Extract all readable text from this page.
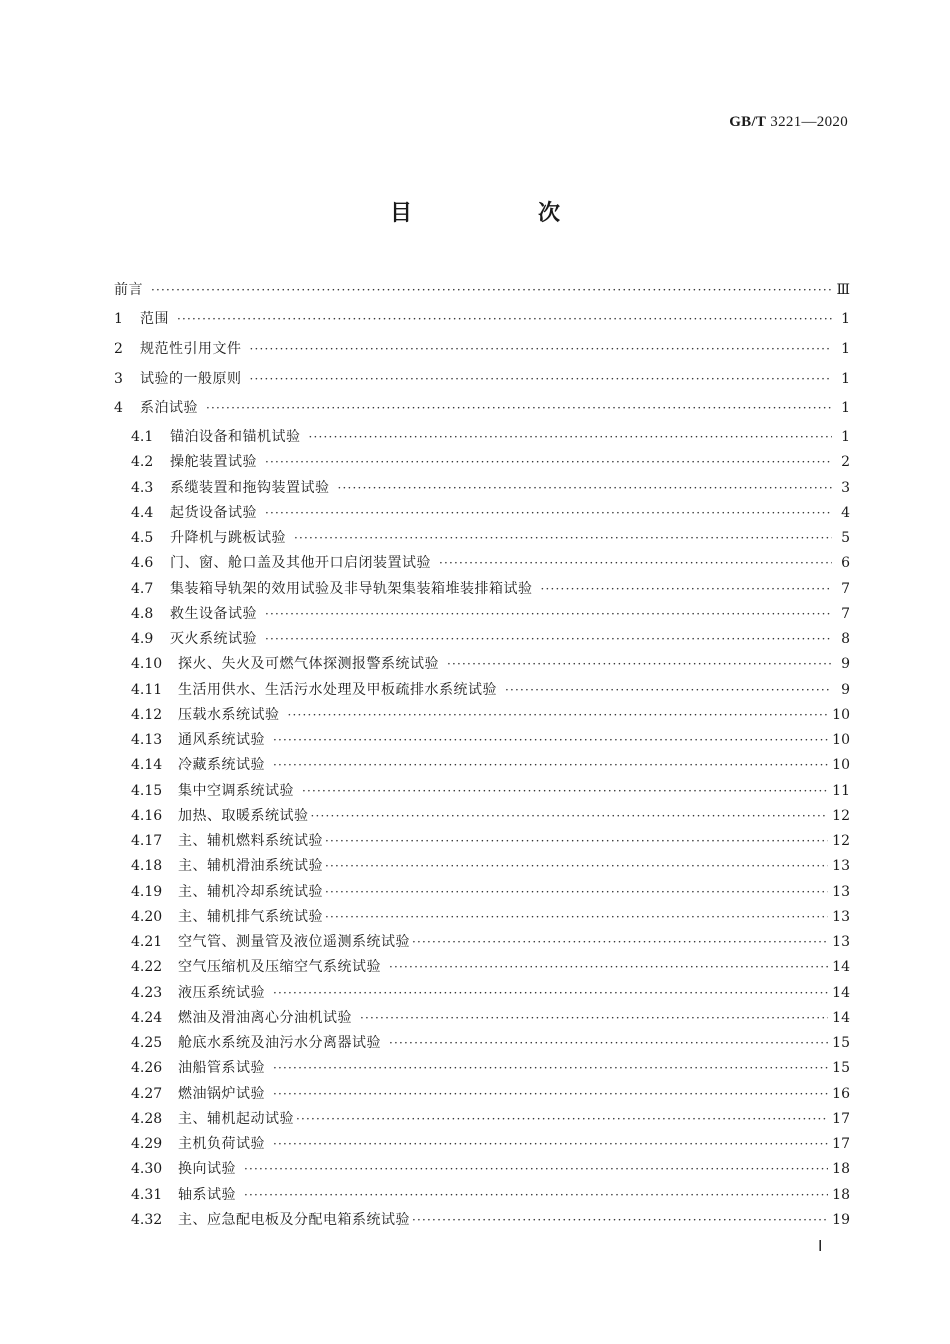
GB/T 3221—2020
目　次
前言 ·····	Ⅲ
1	范围 ·····	1
2	规范性引用文件 ·····	1
3	试验的一般原则 ·····	1
4	系泊试验 ·····	1
4.1	锚泊设备和锚机试验 ·····	1
4.2	操舵装置试验 ·····	2
4.3	系缆装置和拖钩装置试验 ·····	3
4.4	起货设备试验 ·····	4
4.5	升降机与跳板试验 ·····	5
4.6	门、窗、舱口盖及其他开口启闭装置试验 ·····	6
4.7	集装箱导轨架的效用试验及非导轨架集装箱堆装排箱试验 ·····	7
4.8	救生设备试验 ·····	7
4.9	灭火系统试验 ·····	8
4.10	探火、失火及可燃气体探测报警系统试验 ·····	9
4.11	生活用供水、生活污水处理及甲板疏排水系统试验 ·····	9
4.12	压载水系统试验 ·····	10
4.13	通风系统试验 ·····	10
4.14	冷藏系统试验 ·····	10
4.15	集中空调系统试验 ·····	11
4.16	加热、取暖系统试验 ·····	12
4.17	主、辅机燃料系统试验 ·····	12
4.18	主、辅机滑油系统试验 ·····	13
4.19	主、辅机冷却系统试验 ·····	13
4.20	主、辅机排气系统试验 ·····	13
4.21	空气管、测量管及液位遥测系统试验 ·····	13
4.22	空气压缩机及压缩空气系统试验 ·····	14
4.23	液压系统试验 ·····	14
4.24	燃油及滑油离心分油机试验 ·····	14
4.25	舱底水系统及油污水分离器试验 ·····	15
4.26	油船管系试验 ·····	15
4.27	燃油锅炉试验 ·····	16
4.28	主、辅机起动试验 ·····	17
4.29	主机负荷试验 ·····	17
4.30	换向试验 ·····	18
4.31	轴系试验 ·····	18
4.32	主、应急配电板及分配电箱系统试验 ·····	19
Ⅰ
